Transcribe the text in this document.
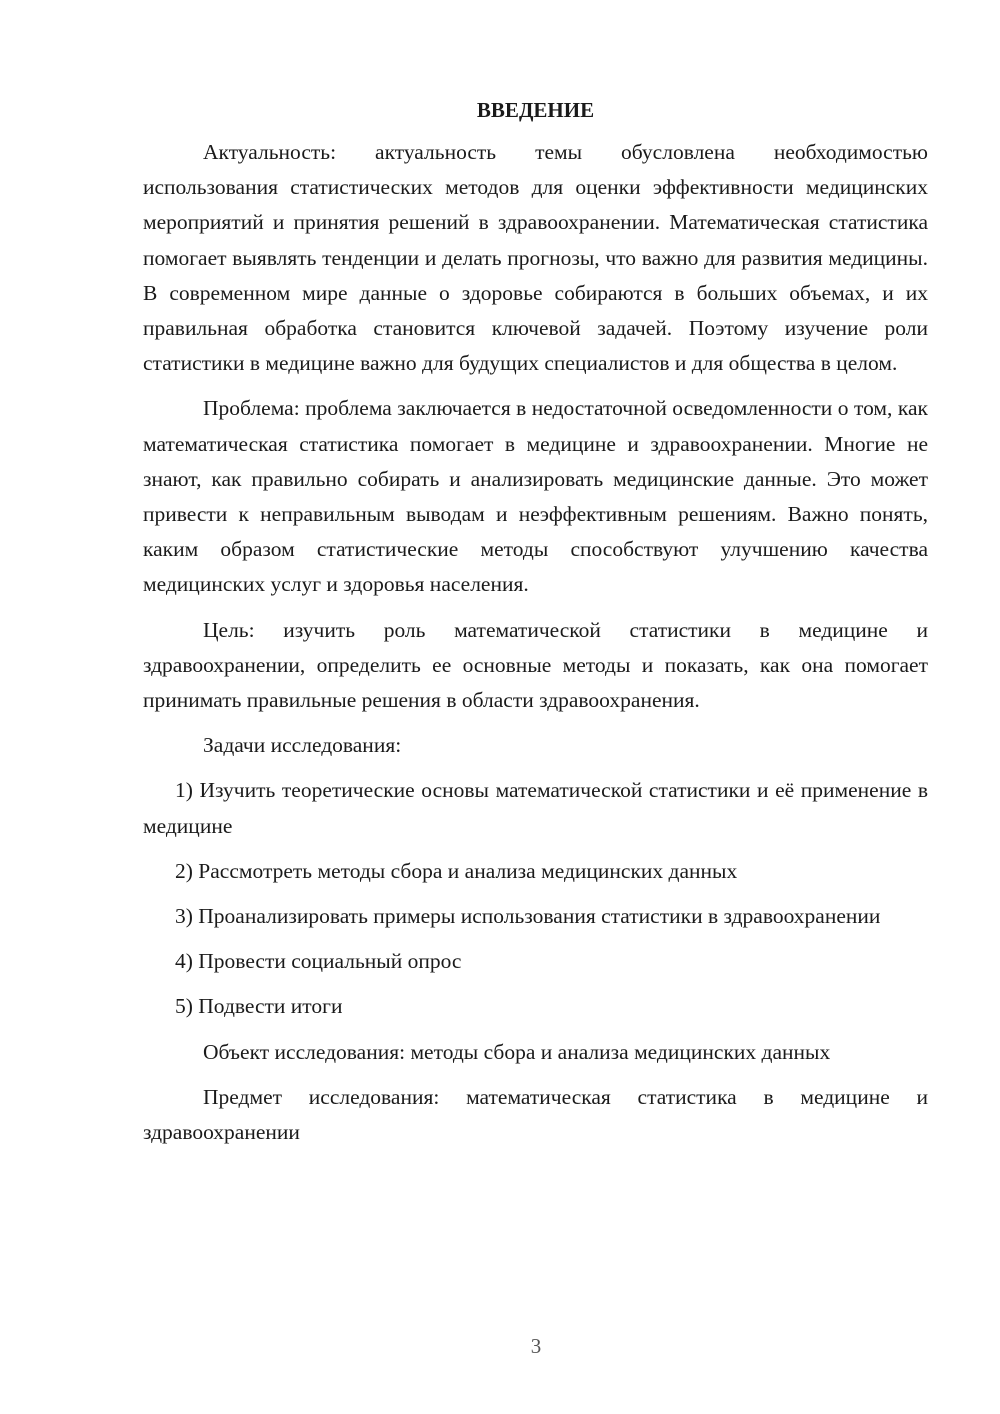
ВВЕДЕНИЕ

Актуальность: актуальность темы обусловлена необходимостью использования статистических методов для оценки эффективности медицинских мероприятий и принятия решений в здравоохранении. Математическая статистика помогает выявлять тенденции и делать прогнозы, что важно для развития медицины. В современном мире данные о здоровье собираются в больших объемах, и их правильная обработка становится ключевой задачей. Поэтому изучение роли статистики в медицине важно для будущих специалистов и для общества в целом.

Проблема: проблема заключается в недостаточной осведомленности о том, как математическая статистика помогает в медицине и здравоохранении. Многие не знают, как правильно собирать и анализировать медицинские данные. Это может привести к неправильным выводам и неэффективным решениям. Важно понять, каким образом статистические методы способствуют улучшению качества медицинских услуг и здоровья населения.

Цель: изучить роль математической статистики в медицине и здравоохранении, определить ее основные методы и показать, как она помогает принимать правильные решения в области здравоохранения.

Задачи исследования:

1) Изучить теоретические основы математической статистики и её применение в медицине

2) Рассмотреть методы сбора и анализа медицинских данных

3) Проанализировать примеры использования статистики в здравоохранении

4) Провести социальный опрос

5) Подвести итоги

Объект исследования: методы сбора и анализа медицинских данных

Предмет исследования: математическая статистика в медицине и здравоохранении

3
